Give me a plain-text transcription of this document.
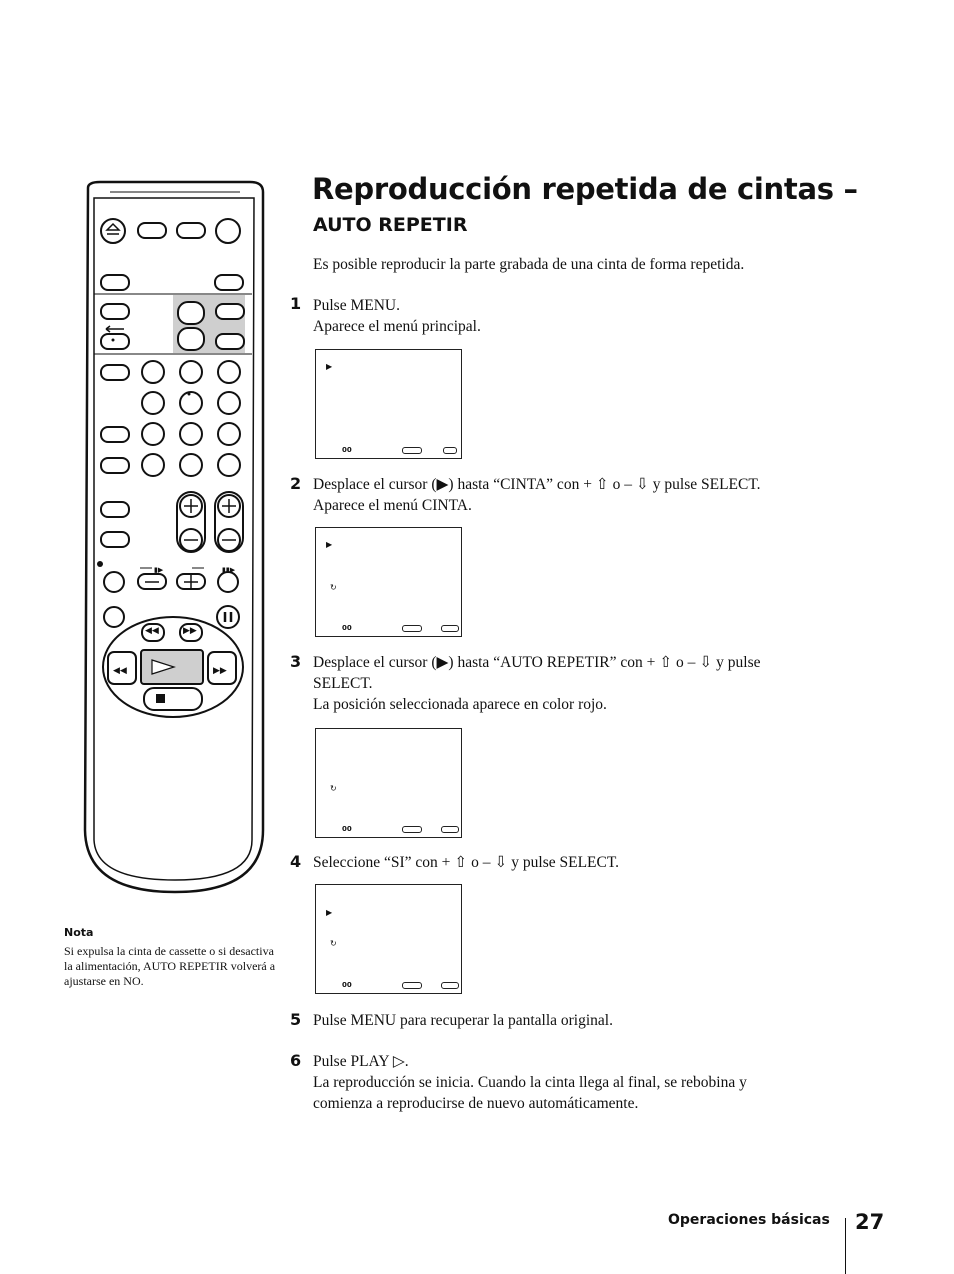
◀◀	▶▶
◀◀	▶▶
▮▶	▮▮▶
Reproducción repetida de cintas –
AUTO REPETIR
Es posible reproducir la parte grabada de una cinta de forma repetida.
1 Pulse MENU.
Aparece el menú principal.
▶
00
2 Desplace el cursor (▶) hasta “CINTA” con + ⇧ o – ⇩ y pulse SELECT.
Aparece el menú CINTA.
▶
↻
00
3 Desplace el cursor (▶) hasta “AUTO REPETIR” con + ⇧ o – ⇩ y pulse
SELECT.
La posición seleccionada aparece en color rojo.
↻
00
4 Seleccione “SI” con + ⇧ o – ⇩ y pulse SELECT.
▶
↻
00
5 Pulse MENU para recuperar la pantalla original.
6 Pulse PLAY ▷.
La reproducción se inicia. Cuando la cinta llega al final, se rebobina y
comienza a reproducirse de nuevo automáticamente.
Nota
Si expulsa la cinta de cassette o si desactiva la alimentación, AUTO REPETIR volverá a ajustarse en NO.
Operaciones básicas 27
